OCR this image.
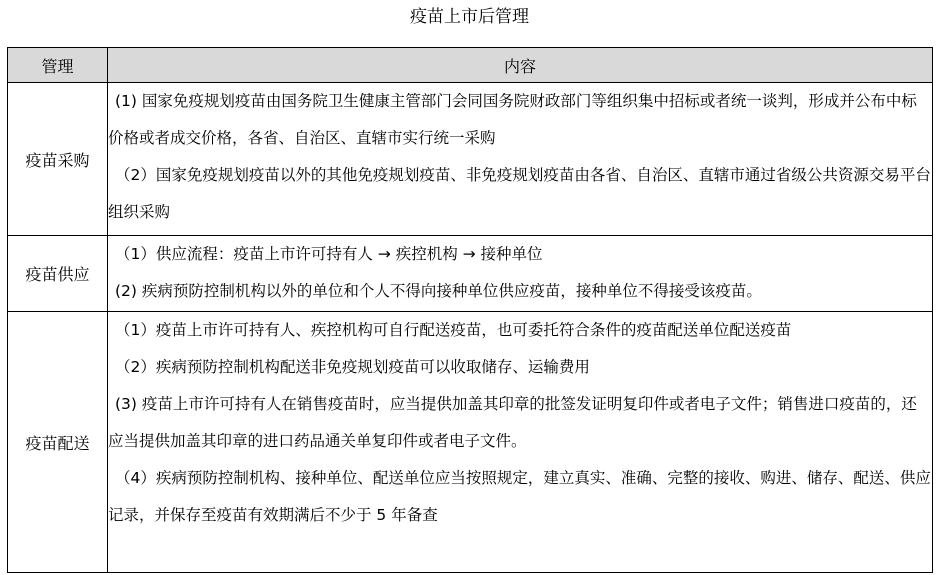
疫苗上市后管理
管理	内容
疫苗采购	(1) 国家免疫规划疫苗由国务院卫生健康主管部门会同国务院财政部门等组织集中招标或者统一谈判，形成并公布中标价格或者成交价格，各省、自治区、直辖市实行统一采购

（2）国家免疫规划疫苗以外的其他免疫规划疫苗、非免疫规划疫苗由各省、自治区、直辖市通过省级公共资源交易平台组织采购

疫苗供应	（1）供应流程：疫苗上市许可持有人 → 疾控机构 → 接种单位

(2) 疾病预防控制机构以外的单位和个人不得向接种单位供应疫苗，接种单位不得接受该疫苗。

疫苗配送	（1）疫苗上市许可持有人、疾控机构可自行配送疫苗，也可委托符合条件的疫苗配送单位配送疫苗

（2）疾病预防控制机构配送非免疫规划疫苗可以收取储存、运输费用

(3) 疫苗上市许可持有人在销售疫苗时，应当提供加盖其印章的批签发证明复印件或者电子文件；销售进口疫苗的，还应当提供加盖其印章的进口药品通关单复印件或者电子文件。

（4）疾病预防控制机构、接种单位、配送单位应当按照规定，建立真实、准确、完整的接收、购进、储存、配送、供应记录，并保存至疫苗有效期满后不少于 5 年备查
